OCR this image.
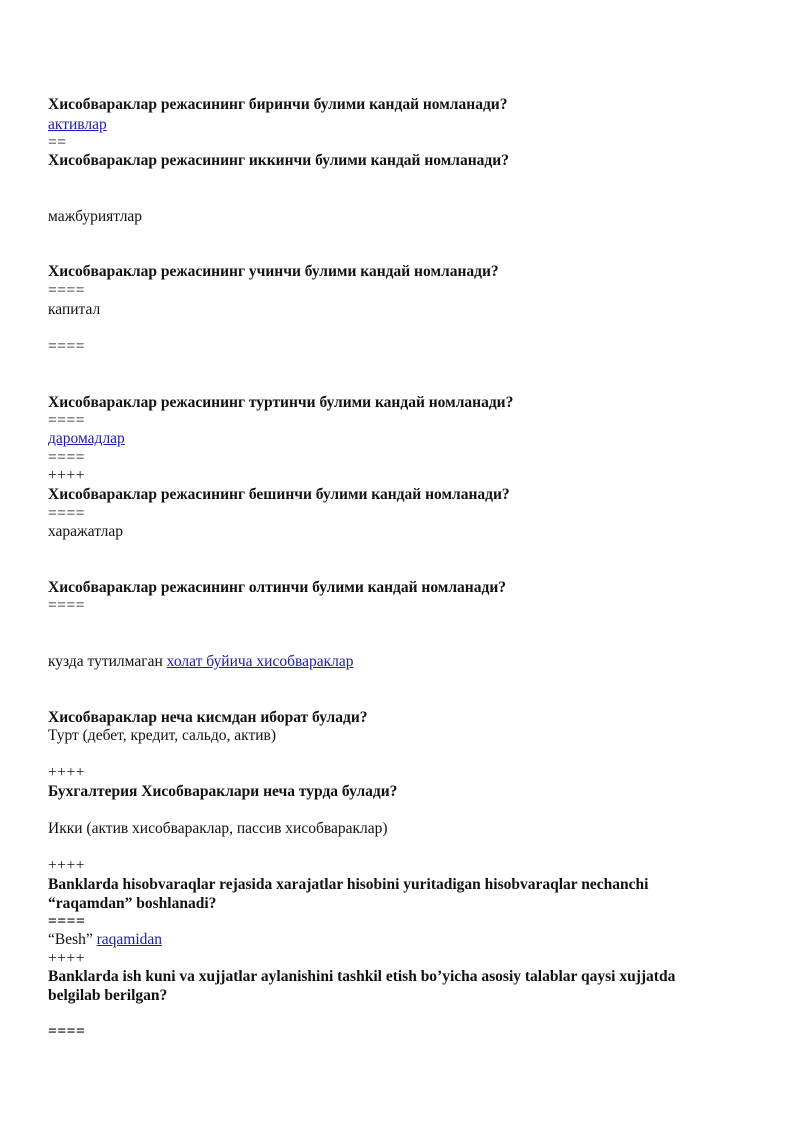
Хисобвараклар режасининг биринчи булими кандай номланади?
активлар
==
Хисобвараклар режасининг иккинчи булими кандай номланади?
мажбуриятлар
Хисобвараклар режасининг учинчи булими кандай номланади?
====
капитал
====
Хисобвараклар режасининг туртинчи булими кандай номланади?
====
даромадлар
====
++++
Хисобвараклар режасининг бешинчи булими кандай номланади?
====
харажатлар
Хисобвараклар режасининг олтинчи булими кандай номланади?
====
кузда тутилмаган холат буйича хисобвараклар
Хисобвараклар неча кисмдан иборат булади?
Турт (дебет, кредит, сальдо, актив)
++++
Бухгалтерия Хисобвараклари неча турда булади?
Икки (актив хисобвараклар, пассив хисобвараклар)
++++
Banklarda hisobvaraqlar rejasida xarajatlar hisobini yuritadigan hisobvaraqlar nechanchi “raqamdan” boshlanadi?
====
“Besh” raqamidan
++++
Banklarda ish kuni va xujjatlar aylanishini tashkil etish bo’yicha asosiy talablar qaysi xujjatda belgilab berilgan?
====
